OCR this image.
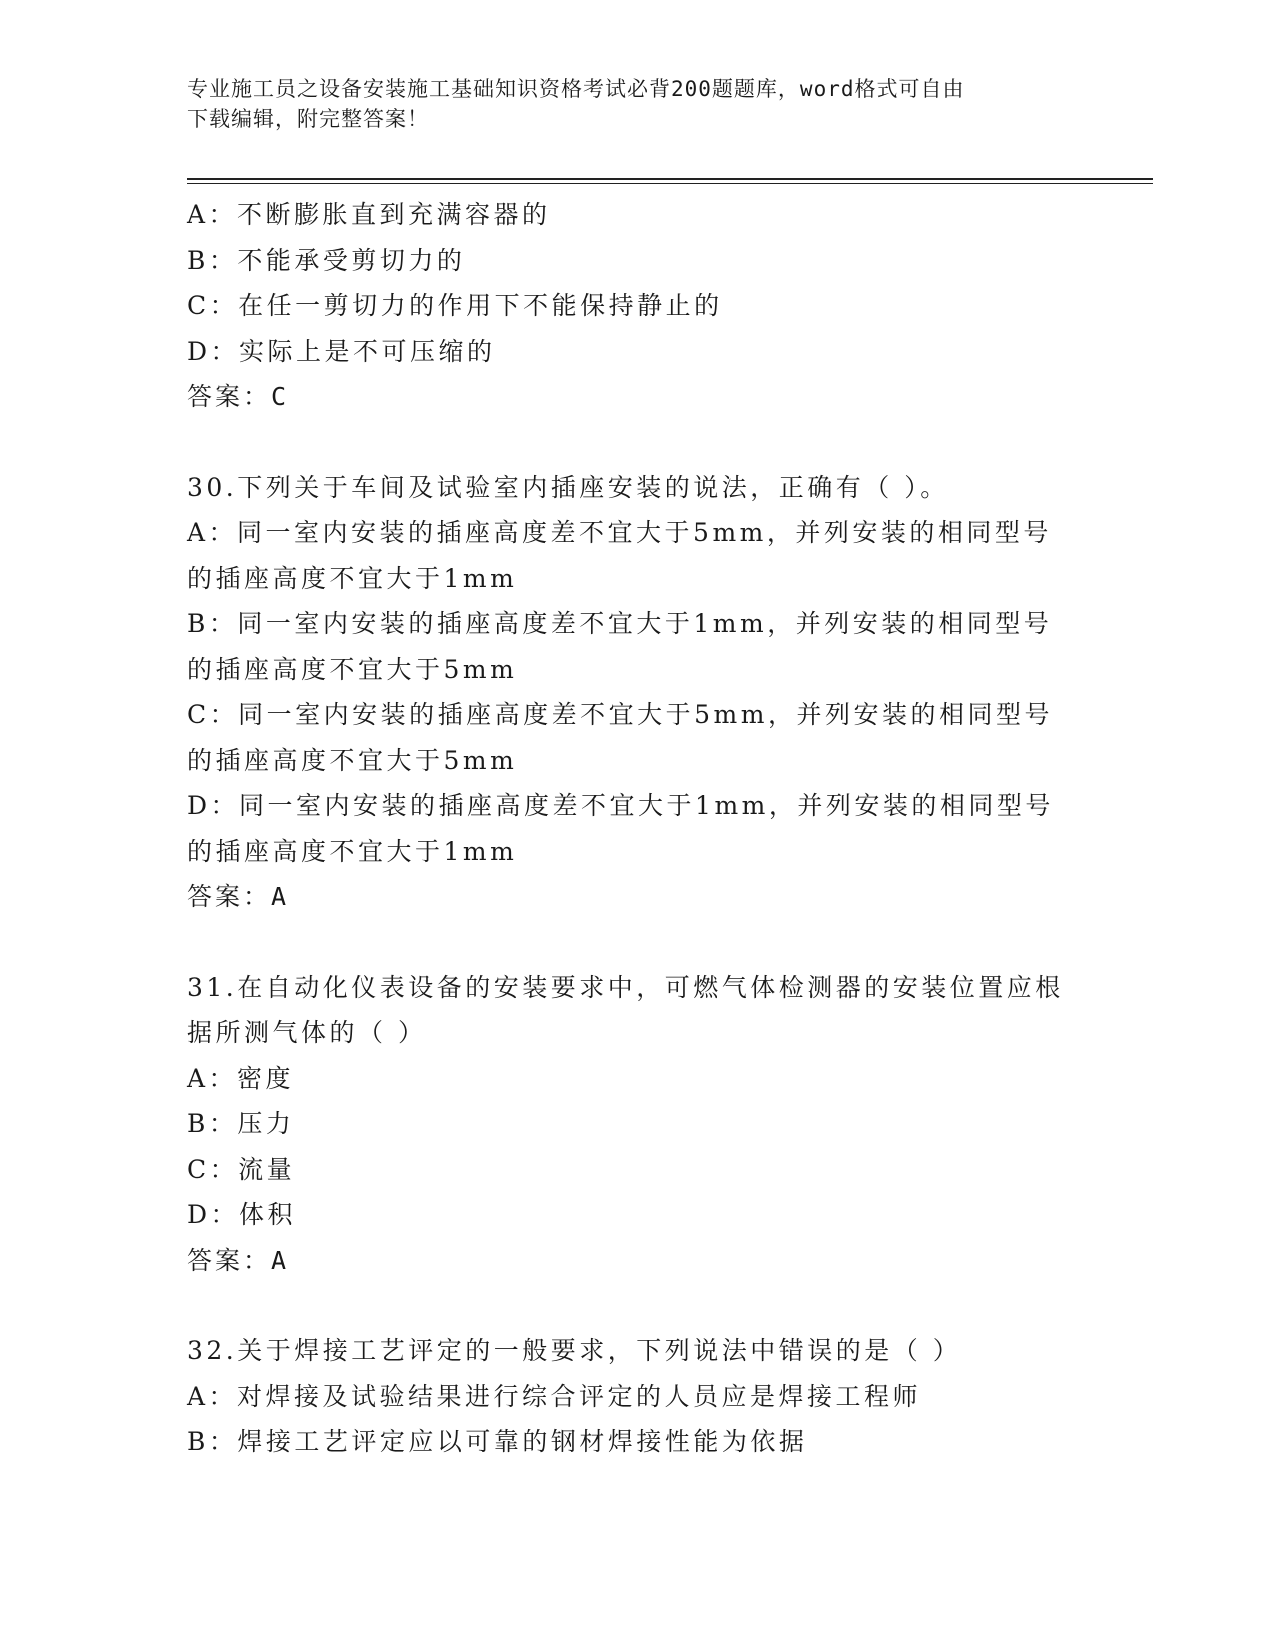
专业施工员之设备安装施工基础知识资格考试必背200题题库，word格式可自由
下载编辑，附完整答案！

A：不断膨胀直到充满容器的

B：不能承受剪切力的

C：在任一剪切力的作用下不能保持静止的

D：实际上是不可压缩的

答案：C

30.下列关于车间及试验室内插座安装的说法，正确有（ ）。

A：同一室内安装的插座高度差不宜大于5mm，并列安装的相同型号的插座高度不宜大于1mm

B：同一室内安装的插座高度差不宜大于1mm，并列安装的相同型号的插座高度不宜大于5mm

C：同一室内安装的插座高度差不宜大于5mm，并列安装的相同型号的插座高度不宜大于5mm

D：同一室内安装的插座高度差不宜大于1mm，并列安装的相同型号的插座高度不宜大于1mm

答案：A

31.在自动化仪表设备的安装要求中，可燃气体检测器的安装位置应根据所测气体的（ ）

A：密度

B：压力

C：流量

D：体积

答案：A

32.关于焊接工艺评定的一般要求，下列说法中错误的是（ ）

A：对焊接及试验结果进行综合评定的人员应是焊接工程师

B：焊接工艺评定应以可靠的钢材焊接性能为依据
